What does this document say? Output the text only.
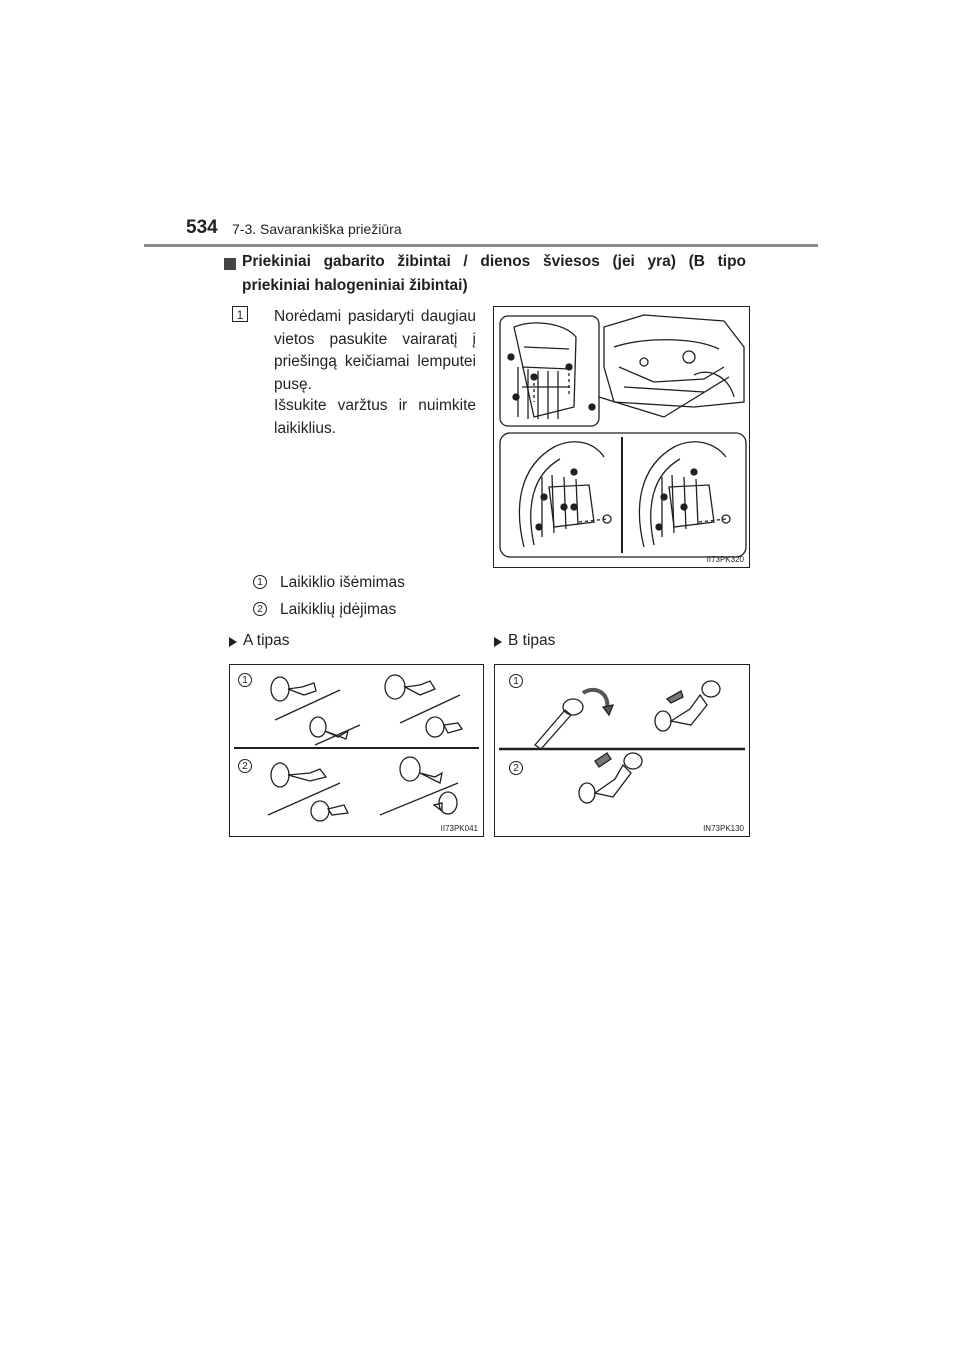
534 7-3. Savarankiška priežiūra
Priekiniai gabarito žibintai / dienos šviesos (jei yra) (B tipo
priekiniai halogeniniai žibintai)
1	Norėdami pasidaryti daugiau vietos pasukite vairaratį į priešingą keičiamai lemputei pusę.
Išsukite varžtus ir nuimkite laikiklius.
II73PK320
1 Laikiklio išėmimas
2 Laikiklių įdėjimas
A tipas	B tipas
1
2
II73PK041
1
2
IN73PK130
